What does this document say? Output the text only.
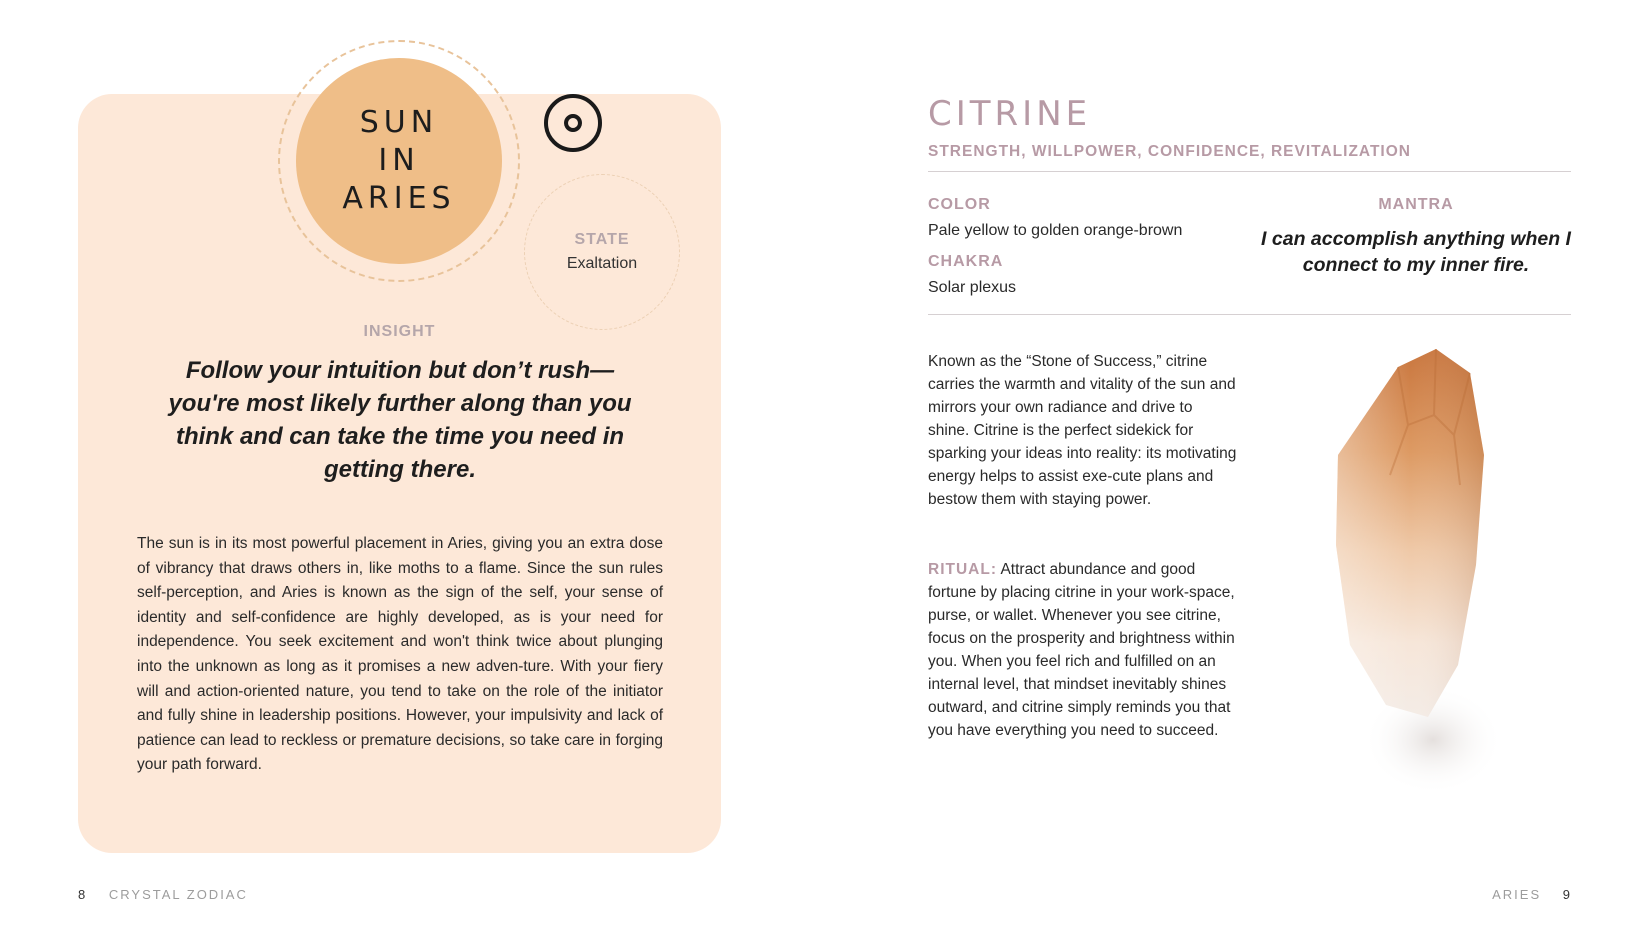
SUN
IN
ARIES
STATE
Exaltation
INSIGHT
Follow your intuition but don’t rush—you're most likely further along than you think and can take the time you need in getting there.
The sun is in its most powerful placement in Aries, giving you an extra dose of vibrancy that draws others in, like moths to a flame. Since the sun rules self-perception, and Aries is known as the sign of the self, your sense of identity and self-confidence are highly developed, as is your need for independence. You seek excitement and won't think twice about plunging into the unknown as long as it promises a new adven-ture. With your fiery will and action-oriented nature, you tend to take on the role of the initiator and fully shine in leadership positions. However, your impulsivity and lack of patience can lead to reckless or premature decisions, so take care in forging your path forward.
CITRINE
STRENGTH, WILLPOWER, CONFIDENCE, REVITALIZATION
COLOR
Pale yellow to golden orange-brown
CHAKRA
Solar plexus
MANTRA
I can accomplish anything when I connect to my inner fire.
Known as the “Stone of Success,” citrine carries the warmth and vitality of the sun and mirrors your own radiance and drive to shine. Citrine is the perfect sidekick for sparking your ideas into reality: its motivating energy helps to assist exe-cute plans and bestow them with staying power.
RITUAL: Attract abundance and good fortune by placing citrine in your work-space, purse, or wallet. Whenever you see citrine, focus on the prosperity and brightness within you. When you feel rich and fulfilled on an internal level, that mindset inevitably shines outward, and citrine simply reminds you that you have everything you need to succeed.
8 CRYSTAL ZODIAC	ARIES 9
